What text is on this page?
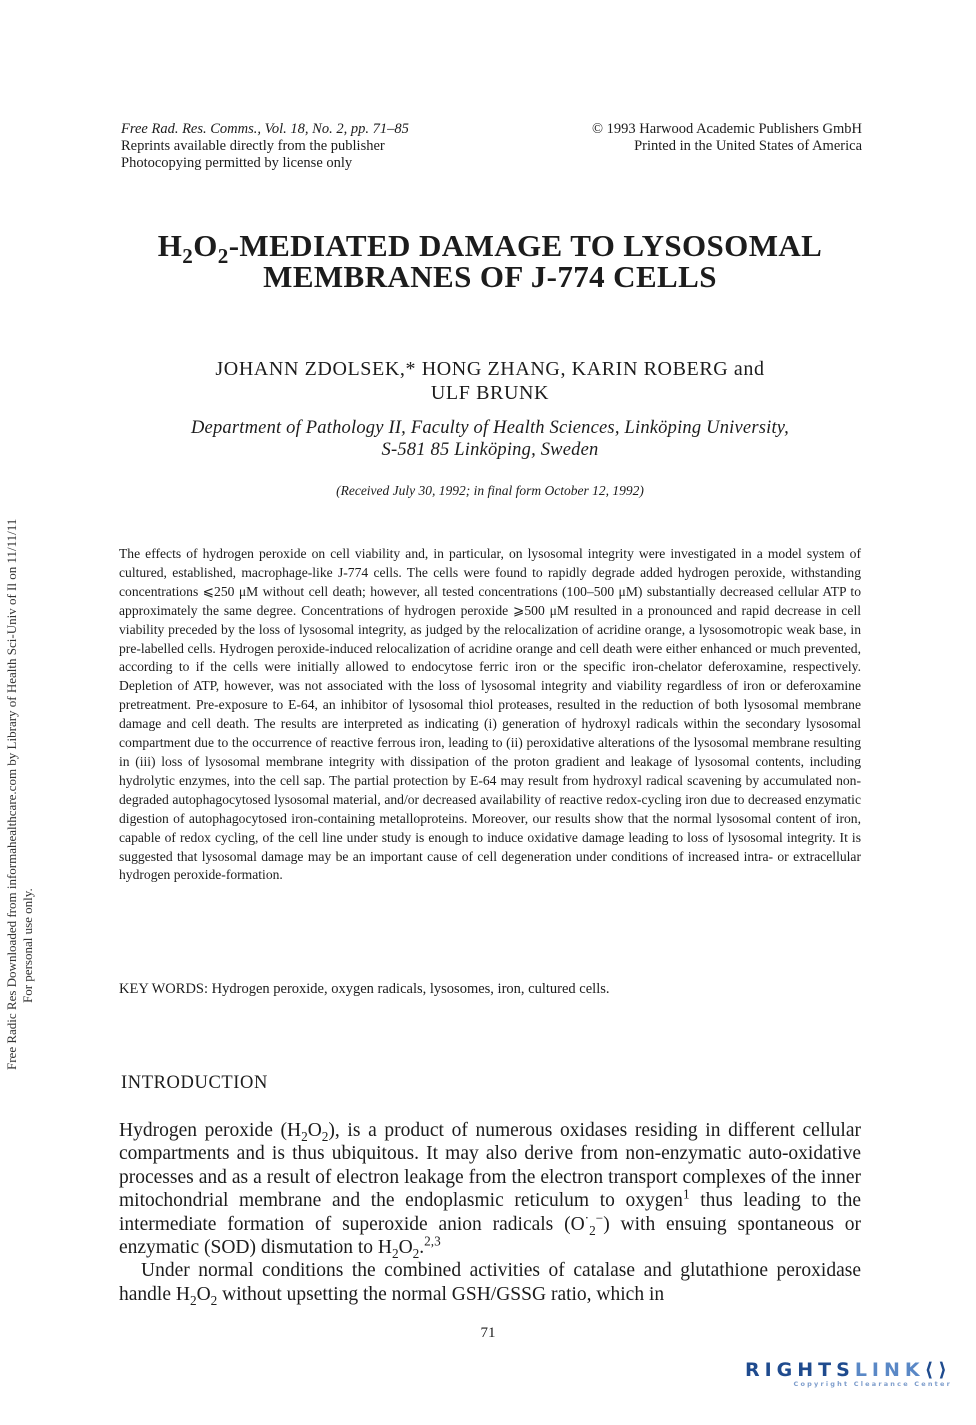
Free Radic Res Downloaded from informahealthcare.com by Library of Health Sci-Univ of Il on 11/11/11 For personal use only.
Free Rad. Res. Comms., Vol. 18, No. 2, pp. 71–85
Reprints available directly from the publisher
Photocopying permitted by license only
© 1993 Harwood Academic Publishers GmbH
Printed in the United States of America
$H_2O_2$-MEDIATED DAMAGE TO LYSOSOMAL
MEMBRANES OF J-774 CELLS
JOHANN ZDOLSEK,* HONG ZHANG, KARIN ROBERG and
ULF BRUNK
Department of Pathology II, Faculty of Health Sciences, Linköping University,
S-581 85 Linköping, Sweden
(Received July 30, 1992; in final form October 12, 1992)

The effects of hydrogen peroxide on cell viability and, in particular, on lysosomal integrity were investigated in a model system of cultured, established, macrophage-like J-774 cells. The cells were found to rapidly degrade added hydrogen peroxide, withstanding concentrations ⩽250 μM without cell death; however, all tested concentrations (100–500 μM) substantially decreased cellular ATP to approximately the same degree. Concentrations of hydrogen peroxide ⩾500 μM resulted in a pronounced and rapid decrease in cell viability preceded by the loss of lysosomal integrity, as judged by the relocalization of acridine orange, a lysosomotropic weak base, in pre-labelled cells. Hydrogen peroxide-induced relocalization of acridine orange and cell death were either enhanced or much prevented, according to if the cells were initially allowed to endocytose ferric iron or the specific iron-chelator deferoxamine, respectively. Depletion of ATP, however, was not associated with the loss of lysosomal integrity and viability regardless of iron or deferoxamine pretreatment. Pre-exposure to E-64, an inhibitor of lysosomal thiol proteases, resulted in the reduction of both lysosomal membrane damage and cell death. The results are interpreted as indicating (i) generation of hydroxyl radicals within the secondary lysosomal compartment due to the occurrence of reactive ferrous iron, leading to (ii) peroxidative alterations of the lysosomal membrane resulting in (iii) loss of lysosomal membrane integrity with dissipation of the proton gradient and leakage of lysosomal contents, including hydrolytic enzymes, into the cell sap. The partial protection by E-64 may result from hydroxyl radical scavening by accumulated non-degraded autophagocytosed lysosomal material, and/or decreased availability of reactive redox-cycling iron due to decreased enzymatic digestion of autophagocytosed iron-containing metalloproteins. Moreover, our results show that the normal lysosomal content of iron, capable of redox cycling, of the cell line under study is enough to induce oxidative damage leading to loss of lysosomal integrity. It is suggested that lysosomal damage may be an important cause of cell degeneration under conditions of increased intra- or extracellular hydrogen peroxide-formation.

KEY WORDS: Hydrogen peroxide, oxygen radicals, lysosomes, iron, cultured cells.
INTRODUCTION

Hydrogen peroxide $(H_2O_2)$, is a product of numerous oxidases residing in different cellular compartments and is thus ubiquitous. It may also derive from non-enzymatic auto-oxidative processes and as a result of electron leakage from the electron transport complexes of the inner mitochondrial membrane and the endoplasmic reticulum to oxygen$^1$ thus leading to the intermediate formation of superoxide anion radicals $(O^\cdot_2^-)$ with ensuing spontaneous or enzymatic (SOD) dismutation to $H_2O_2.^{2,3}$

Under normal conditions the combined activities of catalase and glutathione peroxidase handle $H_2O_2$ without upsetting the normal GSH/GSSG ratio, which in

71
RIGHTSLINK⟨⟩
Copyright Clearance Center
